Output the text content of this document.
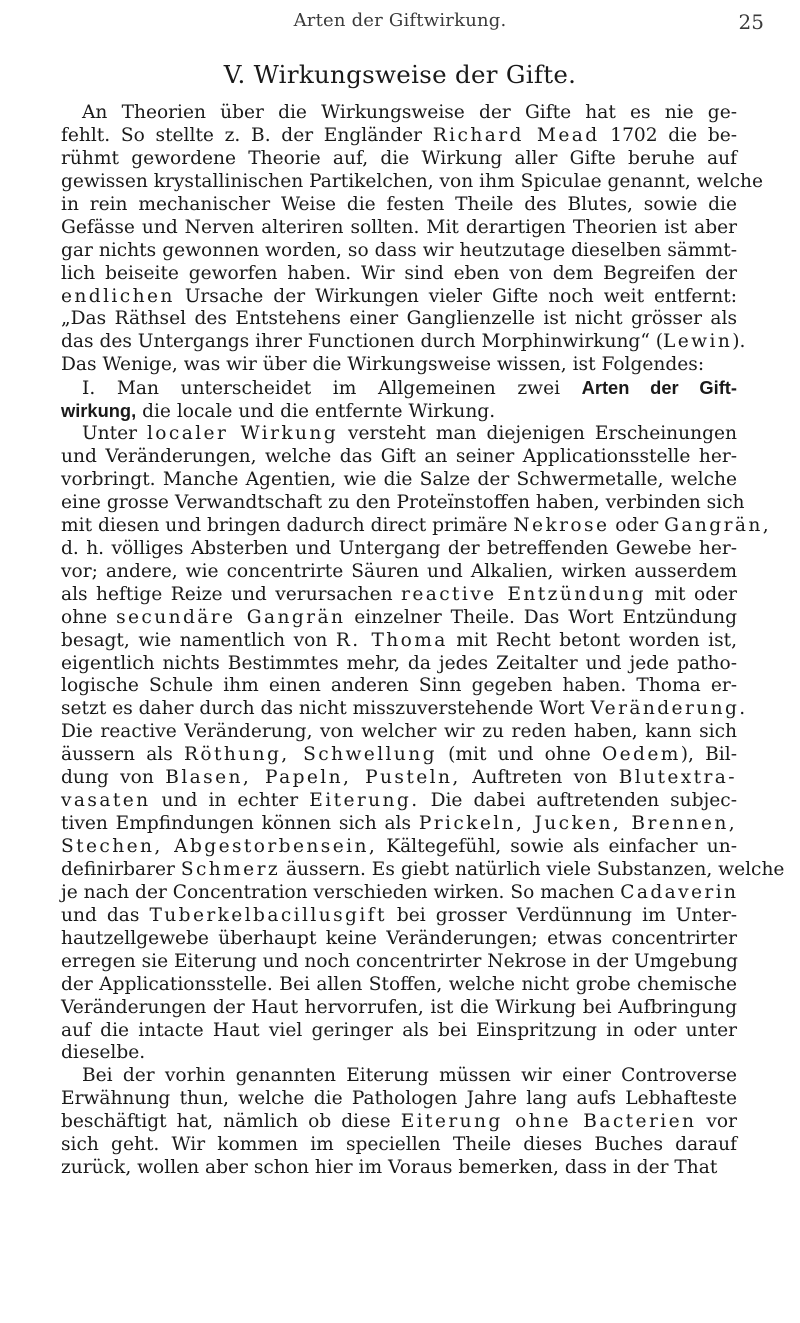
Arten der Giftwirkung.	25
V. Wirkungsweise der Gifte.
An Theorien über die Wirkungsweise der Gifte hat es nie ge-
fehlt. So stellte z. B. der Engländer Richard Mead 1702 die be-
rühmt gewordene Theorie auf, die Wirkung aller Gifte beruhe auf
gewissen krystallinischen Partikelchen, von ihm Spiculae genannt, welche
in rein mechanischer Weise die festen Theile des Blutes, sowie die
Gefässe und Nerven alteriren sollten. Mit derartigen Theorien ist aber
gar nichts gewonnen worden, so dass wir heutzutage dieselben sämmt-
lich beiseite geworfen haben. Wir sind eben von dem Begreifen der
endlichen Ursache der Wirkungen vieler Gifte noch weit entfernt:
„Das Räthsel des Entstehens einer Ganglienzelle ist nicht grösser als
das des Untergangs ihrer Functionen durch Morphinwirkung“ (Lewin).
Das Wenige, was wir über die Wirkungsweise wissen, ist Folgendes:
I. Man unterscheidet im Allgemeinen zwei Arten der Gift-
wirkung, die locale und die entfernte Wirkung.
Unter localer Wirkung versteht man diejenigen Erscheinungen
und Veränderungen, welche das Gift an seiner Applicationsstelle her-
vorbringt. Manche Agentien, wie die Salze der Schwermetalle, welche
eine grosse Verwandtschaft zu den Proteïnstoffen haben, verbinden sich
mit diesen und bringen dadurch direct primäre Nekrose oder Gangrän,
d. h. völliges Absterben und Untergang der betreffenden Gewebe her-
vor; andere, wie concentrirte Säuren und Alkalien, wirken ausserdem
als heftige Reize und verursachen reactive Entzündung mit oder
ohne secundäre Gangrän einzelner Theile. Das Wort Entzündung
besagt, wie namentlich von R. Thoma mit Recht betont worden ist,
eigentlich nichts Bestimmtes mehr, da jedes Zeitalter und jede patho-
logische Schule ihm einen anderen Sinn gegeben haben. Thoma er-
setzt es daher durch das nicht misszuverstehende Wort Veränderung.
Die reactive Veränderung, von welcher wir zu reden haben, kann sich
äussern als Röthung, Schwellung (mit und ohne Oedem), Bil-
dung von Blasen, Papeln, Pusteln, Auftreten von Blutextra-
vasaten und in echter Eiterung. Die dabei auftretenden subjec-
tiven Empfindungen können sich als Prickeln, Jucken, Brennen,
Stechen, Abgestorbensein, Kältegefühl, sowie als einfacher un-
definirbarer Schmerz äussern. Es giebt natürlich viele Substanzen, welche
je nach der Concentration verschieden wirken. So machen Cadaverin
und das Tuberkelbacillusgift bei grosser Verdünnung im Unter-
hautzellgewebe überhaupt keine Veränderungen; etwas concentrirter
erregen sie Eiterung und noch concentrirter Nekrose in der Umgebung
der Applicationsstelle. Bei allen Stoffen, welche nicht grobe chemische
Veränderungen der Haut hervorrufen, ist die Wirkung bei Aufbringung
auf die intacte Haut viel geringer als bei Einspritzung in oder unter
dieselbe.
Bei der vorhin genannten Eiterung müssen wir einer Controverse
Erwähnung thun, welche die Pathologen Jahre lang aufs Lebhafteste
beschäftigt hat, nämlich ob diese Eiterung ohne Bacterien vor
sich geht. Wir kommen im speciellen Theile dieses Buches darauf
zurück, wollen aber schon hier im Voraus bemerken, dass in der That
